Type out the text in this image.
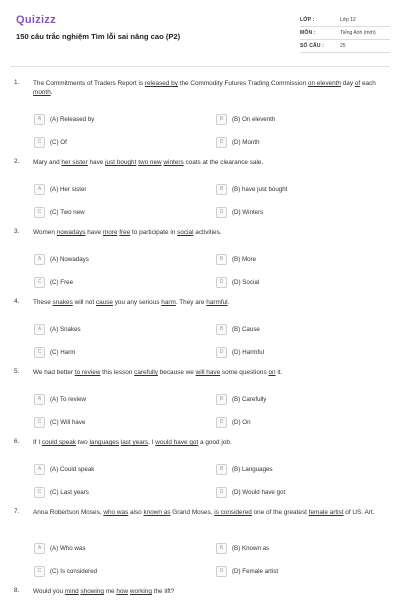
Quizizz
150 câu trắc nghiệm Tìm lỗi sai nâng cao (P2)
LỚP :	Lớp 12
MÔN :	Tiếng Anh (mới)
SỐ CÂU :	25
1. The Commitments of Traders Report is released by the Commodity Futures Trading Commission on eleventh day of each month.
A	(A) Released by	B	(B) On eleventh
C	(C) Of	D	(D) Month
2. Mary and her sister have just bought two new winters coats at the clearance sale.
A	(A) Her sister	B	(B) have just bought
C	(C) Two new	D	(D) Winters
3. Women nowadays have more free to participate in social activities.
A	(A) Nowadays	B	(B) More
C	(C) Free	D	(D) Social
4. These snakes will not cause you any serious harm. They are harmful.
A	(A) Snakes	B	(B) Cause
C	(C) Harm	D	(D) Harmful
5. We had better to review this lesson carefully because we will have some questions on it.
A	(A) To review	B	(B) Carefully
C	(C) Will have	D	(D) On
6. If I could speak two languages last years, I would have got a good job.
A	(A) Could speak	B	(B) Languages
C	(C) Last years	D	(D) Would have got
7. Anna Robertson Moses, who was also known as Grand Moses, is considered one of the greatest female artist of US. Art.
A	(A) Who was	B	(B) Known as
C	(C) Is considered	D	(D) Female artist
8. Would you mind showing me how working the lift?
